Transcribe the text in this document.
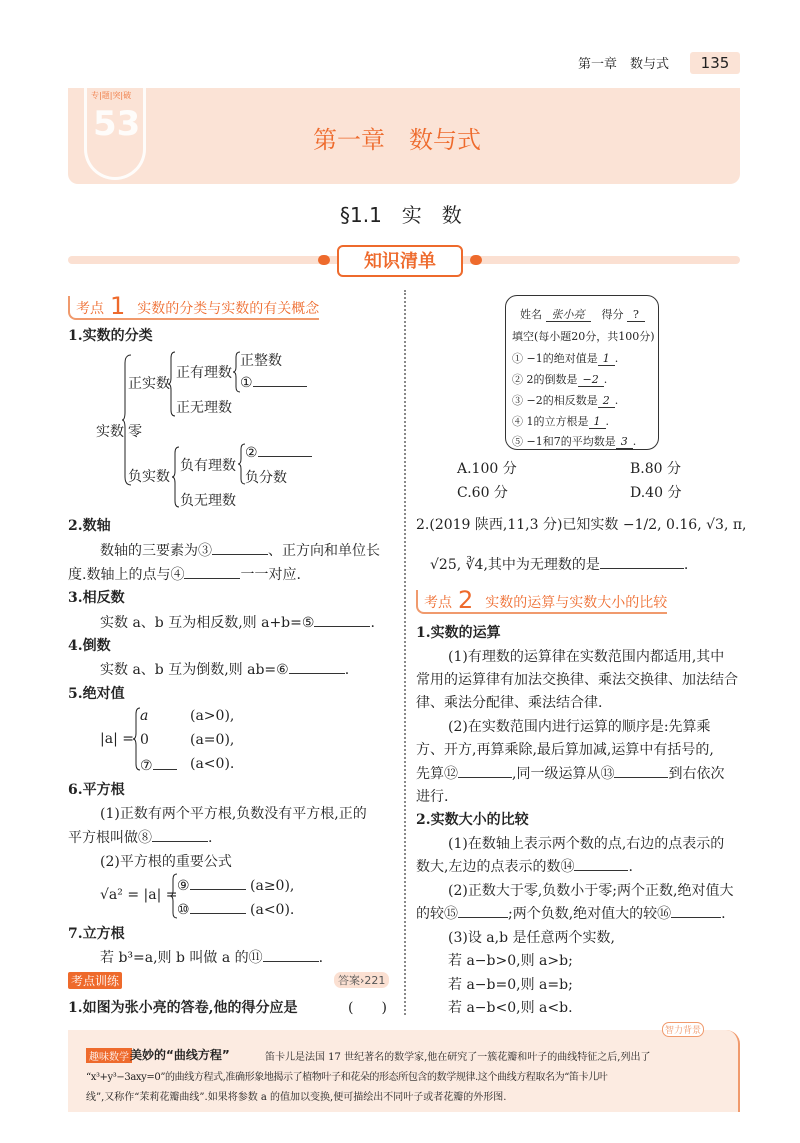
第一章　数与式	135
专|题|突|破
53	第一章　数与式
§1.1　实　数
知识清单
考点 1 实数的分类与实数的有关概念
1.实数的分类
实数
正实数
零
负实数
正有理数
正无理数
正整数
①
负有理数
负无理数
②
负分数
2.数轴
数轴的三要素为③	、正方向和单位长
度.数轴上的点与④	一一对应.
3.相反数
实数 a、b 互为相反数,则 a+b=⑤	.
4.倒数
实数 a、b 互为倒数,则 ab=⑥	.
5.绝对值
|a| =
a	(a>0),
0	(a=0),
⑦	(a<0).
6.平方根
(1)正数有两个平方根,负数没有平方根,正的
平方根叫做⑧	.
(2)平方根的重要公式
√a² = |a| =
⑨	(a≥0),
⑩	(a<0).
7.立方根
若 b³=a,则 b 叫做 a 的⑪	.
考点训练	答案›221
1.如图为张小亮的答卷,他的得分应是	(　　)
姓名 张小亮　 得分 ?
填空(每小题20分，共100分)
① −1的绝对值是 1 .
② 2的倒数是 −2 .
③ −2的相反数是 2 .
④ 1的立方根是 1 .
⑤ −1和7的平均数是 3 .
A.100 分	B.80 分
C.60 分	D.40 分
2.(2019 陕西,11,3 分)已知实数 −1/2, 0.16, √3, π,
√25, ∛4,其中为无理数的是	.
考点 2 实数的运算与实数大小的比较
1.实数的运算
(1)有理数的运算律在实数范围内都适用,其中
常用的运算律有加法交换律、乘法交换律、加法结合
律、乘法分配律、乘法结合律.
(2)在实数范围内进行运算的顺序是:先算乘
方、开方,再算乘除,最后算加减,运算中有括号的,
先算⑫	,同一级运算从⑬	到右依次
进行.
2.实数大小的比较
(1)在数轴上表示两个数的点,右边的点表示的
数大,左边的点表示的数⑭	.
(2)正数大于零,负数小于零;两个正数,绝对值大
的较⑮	;两个负数,绝对值大的较⑯	.
(3)设 a,b 是任意两个实数,
若 a−b>0,则 a>b;
若 a−b=0,则 a=b;
若 a−b<0,则 a<b.
智力背景
趣味数学 美妙的“曲线方程”	笛卡儿是法国 17 世纪著名的数学家,他在研究了一簇花瓣和叶子的曲线特征之后,列出了
“x³+y³−3axy=0”的曲线方程式,准确形象地揭示了植物叶子和花朵的形态所包含的数学规律.这个曲线方程取名为“笛卡儿叶
线”,又称作“茉莉花瓣曲线”.如果将参数 a 的值加以变换,便可描绘出不同叶子或者花瓣的外形图.
